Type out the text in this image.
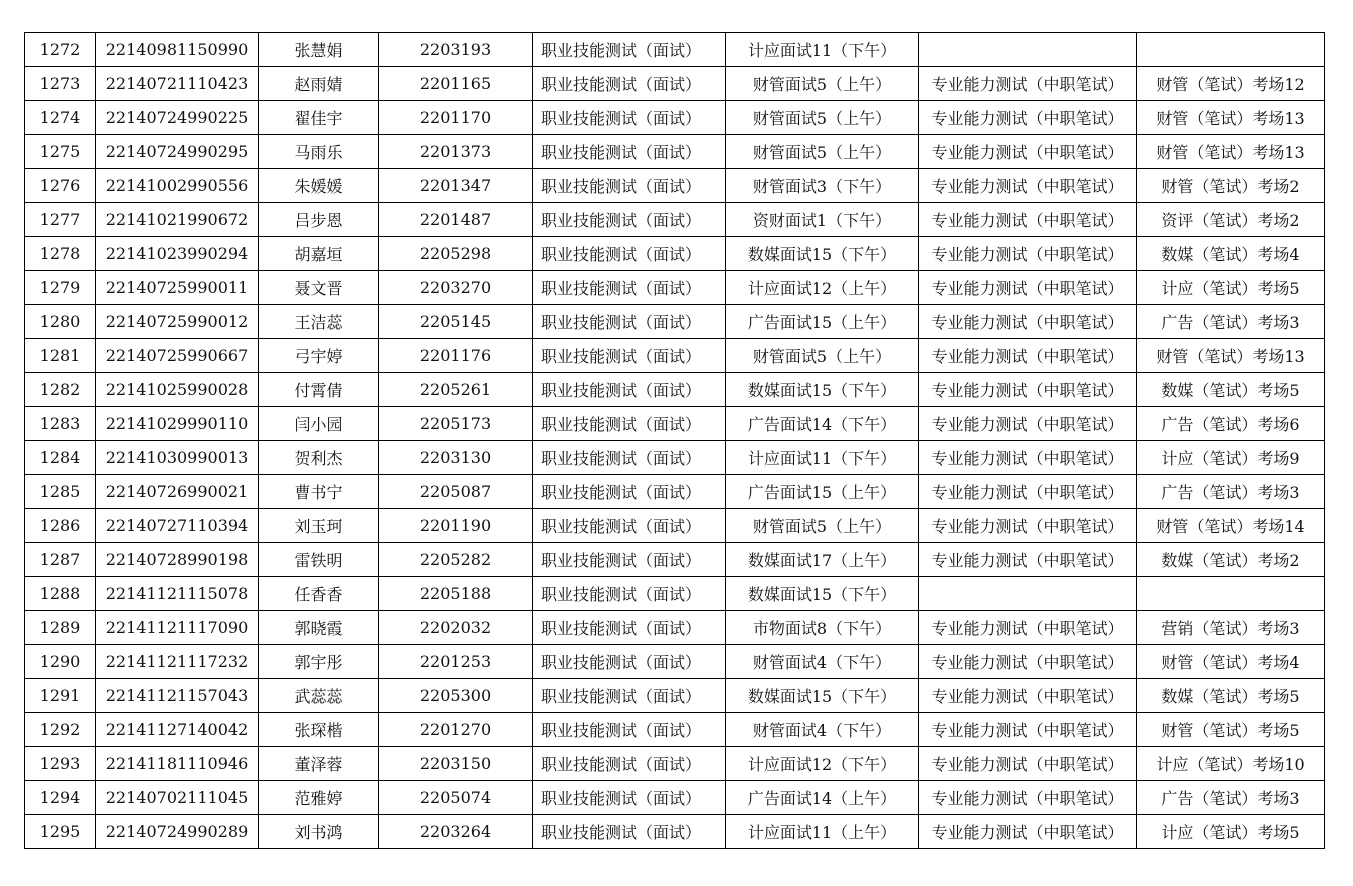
1272	22140981150990	张慧娟	2203193	职业技能测试（面试）	计应面试11（下午）		
1273	22140721110423	赵雨婧	2201165	职业技能测试（面试）	财管面试5（上午）	专业能力测试（中职笔试）	财管（笔试）考场12
1274	22140724990225	翟佳宇	2201170	职业技能测试（面试）	财管面试5（上午）	专业能力测试（中职笔试）	财管（笔试）考场13
1275	22140724990295	马雨乐	2201373	职业技能测试（面试）	财管面试5（上午）	专业能力测试（中职笔试）	财管（笔试）考场13
1276	22141002990556	朱媛媛	2201347	职业技能测试（面试）	财管面试3（下午）	专业能力测试（中职笔试）	财管（笔试）考场2
1277	22141021990672	吕步恩	2201487	职业技能测试（面试）	资财面试1（下午）	专业能力测试（中职笔试）	资评（笔试）考场2
1278	22141023990294	胡嘉垣	2205298	职业技能测试（面试）	数媒面试15（下午）	专业能力测试（中职笔试）	数媒（笔试）考场4
1279	22140725990011	聂文晋	2203270	职业技能测试（面试）	计应面试12（上午）	专业能力测试（中职笔试）	计应（笔试）考场5
1280	22140725990012	王洁蕊	2205145	职业技能测试（面试）	广告面试15（上午）	专业能力测试（中职笔试）	广告（笔试）考场3
1281	22140725990667	弓宇婷	2201176	职业技能测试（面试）	财管面试5（上午）	专业能力测试（中职笔试）	财管（笔试）考场13
1282	22141025990028	付霄倩	2205261	职业技能测试（面试）	数媒面试15（下午）	专业能力测试（中职笔试）	数媒（笔试）考场5
1283	22141029990110	闫小园	2205173	职业技能测试（面试）	广告面试14（下午）	专业能力测试（中职笔试）	广告（笔试）考场6
1284	22141030990013	贺利杰	2203130	职业技能测试（面试）	计应面试11（下午）	专业能力测试（中职笔试）	计应（笔试）考场9
1285	22140726990021	曹书宁	2205087	职业技能测试（面试）	广告面试15（上午）	专业能力测试（中职笔试）	广告（笔试）考场3
1286	22140727110394	刘玉珂	2201190	职业技能测试（面试）	财管面试5（上午）	专业能力测试（中职笔试）	财管（笔试）考场14
1287	22140728990198	雷铁明	2205282	职业技能测试（面试）	数媒面试17（上午）	专业能力测试（中职笔试）	数媒（笔试）考场2
1288	22141121115078	任香香	2205188	职业技能测试（面试）	数媒面试15（下午）		
1289	22141121117090	郭晓霞	2202032	职业技能测试（面试）	市物面试8（下午）	专业能力测试（中职笔试）	营销（笔试）考场3
1290	22141121117232	郭宇彤	2201253	职业技能测试（面试）	财管面试4（下午）	专业能力测试（中职笔试）	财管（笔试）考场4
1291	22141121157043	武蕊蕊	2205300	职业技能测试（面试）	数媒面试15（下午）	专业能力测试（中职笔试）	数媒（笔试）考场5
1292	22141127140042	张琛楷	2201270	职业技能测试（面试）	财管面试4（下午）	专业能力测试（中职笔试）	财管（笔试）考场5
1293	22141181110946	董泽蓉	2203150	职业技能测试（面试）	计应面试12（下午）	专业能力测试（中职笔试）	计应（笔试）考场10
1294	22140702111045	范雅婷	2205074	职业技能测试（面试）	广告面试14（上午）	专业能力测试（中职笔试）	广告（笔试）考场3
1295	22140724990289	刘书鸿	2203264	职业技能测试（面试）	计应面试11（上午）	专业能力测试（中职笔试）	计应（笔试）考场5
